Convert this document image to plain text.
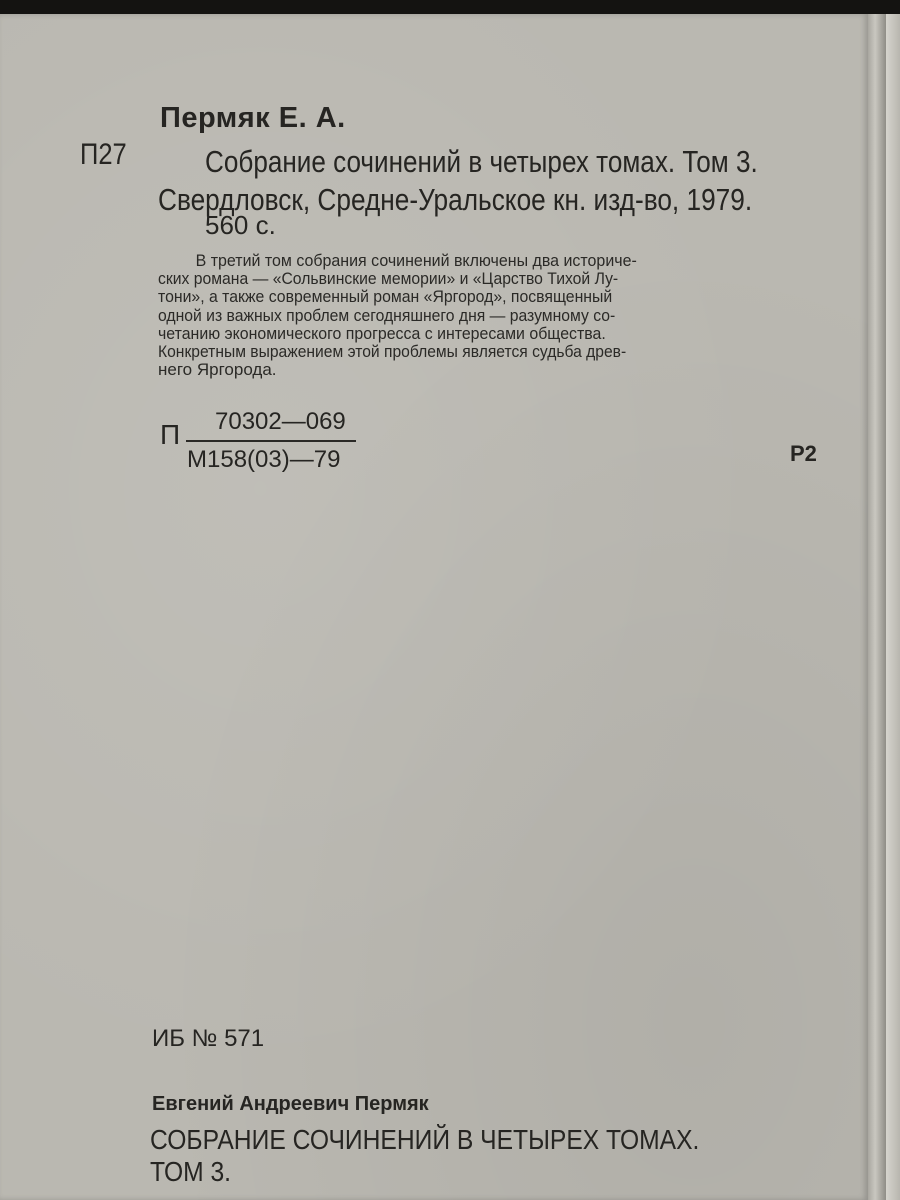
Пермяк Е. А.
П27	Собрание сочинений в четырех томах. Том 3.
Свердловск, Средне-Уральское кн. изд-во, 1979.
560 с.
В третий том собрания сочинений включены два историче-
ских романа — «Сольвинские мемории» и «Царство Тихой Лу-
тони», а также современный роман «Яргород», посвященный
одной из важных проблем сегодняшнего дня — разумному со-
четанию экономического прогресса с интересами общества.
Конкретным выражением этой проблемы является судьба древ-
него Яргорода.
П 70302—069
М158(03)—79	Р2
ИБ № 571
Евгений Андреевич Пермяк
СОБРАНИЕ СОЧИНЕНИЙ В ЧЕТЫРЕХ ТОМАХ.
ТОМ 3.
